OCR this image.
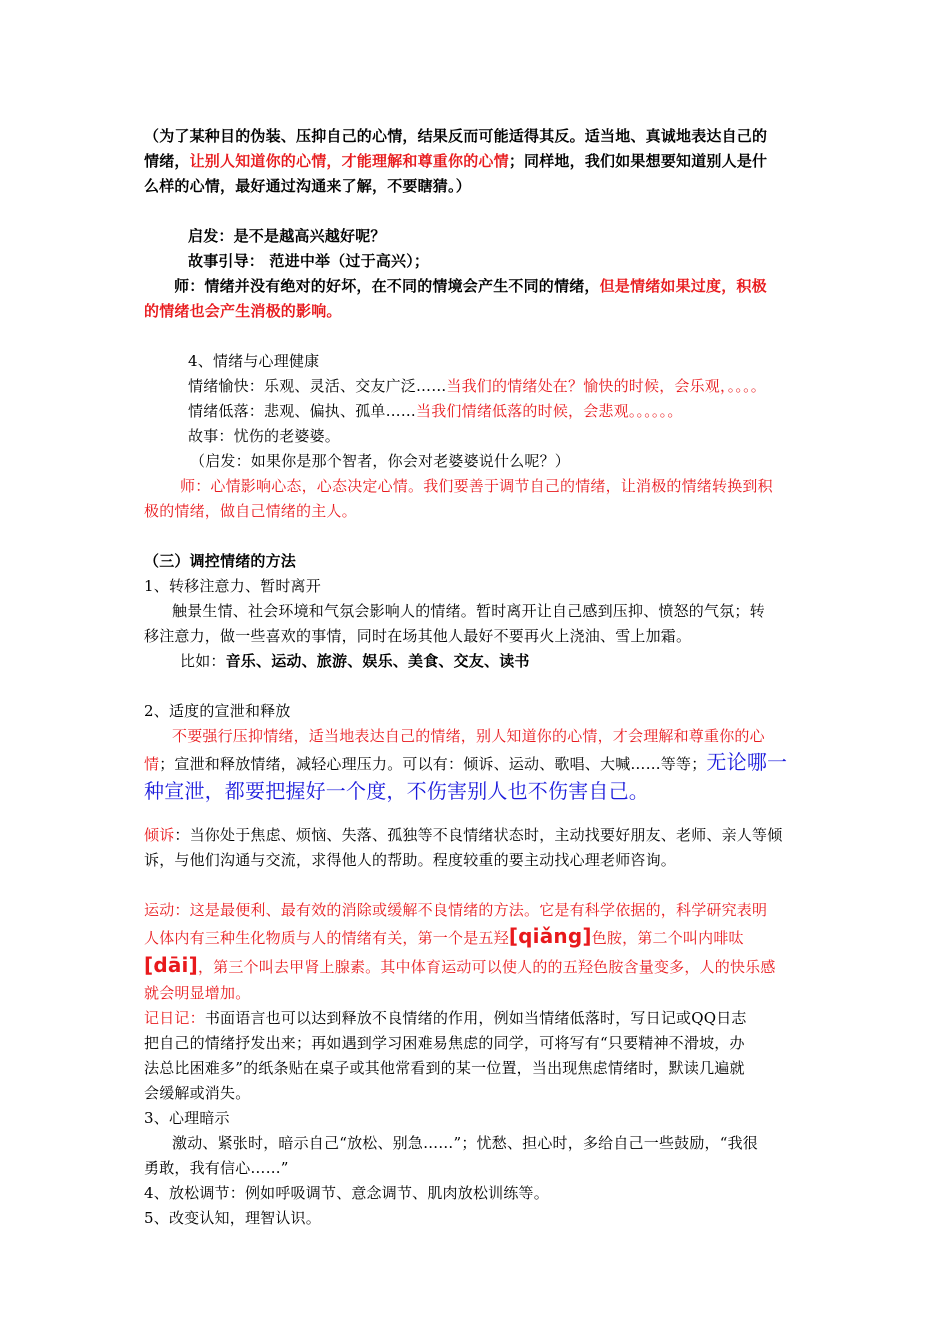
（为了某种目的伪装、压抑自己的心情，结果反而可能适得其反。适当地、真诚地表达自己的

情绪，让别人知道你的心情，才能理解和尊重你的心情；同样地，我们如果想要知道别人是什

么样的心情，最好通过沟通来了解，不要瞎猜。）

启发：是不是越高兴越好呢？

故事引导： 范进中举（过于高兴）；

师：情绪并没有绝对的好坏，在不同的情境会产生不同的情绪，但是情绪如果过度，积极

的情绪也会产生消极的影响。

4、情绪与心理健康

情绪愉快：乐观、灵活、交友广泛……当我们的情绪处在？愉快的时候，会乐观，。。。。

情绪低落：悲观、偏执、孤单……当我们情绪低落的时候，会悲观。。。。。。

故事：忧伤的老婆婆。

（启发：如果你是那个智者，你会对老婆婆说什么呢？）

师：心情影响心态，心态决定心情。我们要善于调节自己的情绪，让消极的情绪转换到积

极的情绪，做自己情绪的主人。

（三）调控情绪的方法

1、转移注意力、暂时离开

触景生情、社会环境和气氛会影响人的情绪。暂时离开让自己感到压抑、愤怒的气氛；转

移注意力，做一些喜欢的事情，同时在场其他人最好不要再火上浇油、雪上加霜。

比如：音乐、运动、旅游、娱乐、美食、交友、读书

2、适度的宣泄和释放

不要强行压抑情绪，适当地表达自己的情绪，别人知道你的心情，才会理解和尊重你的心

情；宣泄和释放情绪，减轻心理压力。可以有：倾诉、运动、歌唱、大喊……等等；无论哪一

种宣泄，都要把握好一个度，不伤害别人也不伤害自己。

倾诉：当你处于焦虑、烦恼、失落、孤独等不良情绪状态时，主动找要好朋友、老师、亲人等倾

诉，与他们沟通与交流，求得他人的帮助。程度较重的要主动找心理老师咨询。

运动：这是最便利、最有效的消除或缓解不良情绪的方法。它是有科学依据的，科学研究表明

人体内有三种生化物质与人的情绪有关，第一个是五羟[qiǎng]色胺，第二个叫内啡呔

[dāi]，第三个叫去甲肾上腺素。其中体育运动可以使人的的五羟色胺含量变多，人的快乐感

就会明显增加。

记日记：书面语言也可以达到释放不良情绪的作用，例如当情绪低落时，写日记或QQ日志

把自己的情绪抒发出来；再如遇到学习困难易焦虑的同学，可将写有“只要精神不滑坡，办

法总比困难多”的纸条贴在桌子或其他常看到的某一位置，当出现焦虑情绪时，默读几遍就

会缓解或消失。

3、心理暗示

激动、紧张时，暗示自己“放松、别急……”；忧愁、担心时，多给自己一些鼓励，“我很

勇敢，我有信心……”

4、放松调节：例如呼吸调节、意念调节、肌肉放松训练等。

5、改变认知，理智认识。
